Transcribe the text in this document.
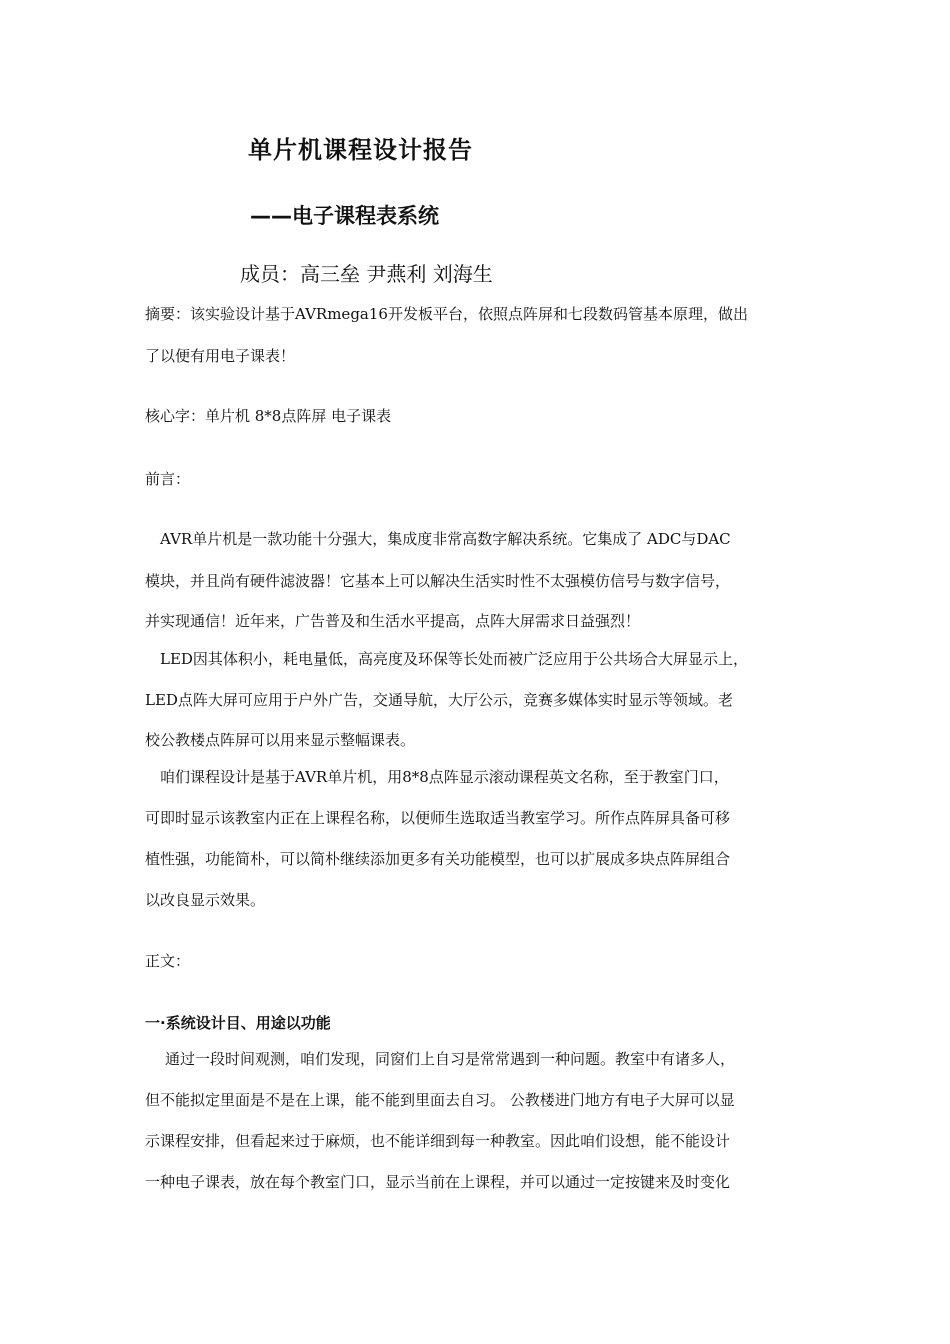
单片机课程设计报告
——电子课程表系统

成员：高三垒 尹燕利 刘海生

摘要：该实验设计基于AVRmega16开发板平台，依照点阵屏和七段数码管基本原理，做出

了以便有用电子课表！

核心字：单片机 8*8点阵屏 电子课表

前言：

AVR单片机是一款功能十分强大，集成度非常高数字解决系统。它集成了 ADC与DAC

模块，并且尚有硬件滤波器！它基本上可以解决生活实时性不太强模仿信号与数字信号，

并实现通信！近年来，广告普及和生活水平提高，点阵大屏需求日益强烈！

LED因其体积小，耗电量低，高亮度及环保等长处而被广泛应用于公共场合大屏显示上，

LED点阵大屏可应用于户外广告，交通导航，大厅公示，竞赛多媒体实时显示等领域。老

校公教楼点阵屏可以用来显示整幅课表。

咱们课程设计是基于AVR单片机，用8*8点阵显示滚动课程英文名称，至于教室门口，

可即时显示该教室内正在上课程名称，以便师生选取适当教室学习。所作点阵屏具备可移

植性强，功能简朴，可以简朴继续添加更多有关功能模型，也可以扩展成多块点阵屏组合

以改良显示效果。

正文：

一·系统设计目、用途以功能

通过一段时间观测，咱们发现，同窗们上自习是常常遇到一种问题。教室中有诸多人，

但不能拟定里面是不是在上课，能不能到里面去自习。 公教楼进门地方有电子大屏可以显

示课程安排，但看起来过于麻烦，也不能详细到每一种教室。因此咱们设想，能不能设计

一种电子课表，放在每个教室门口，显示当前在上课程，并可以通过一定按键来及时变化
